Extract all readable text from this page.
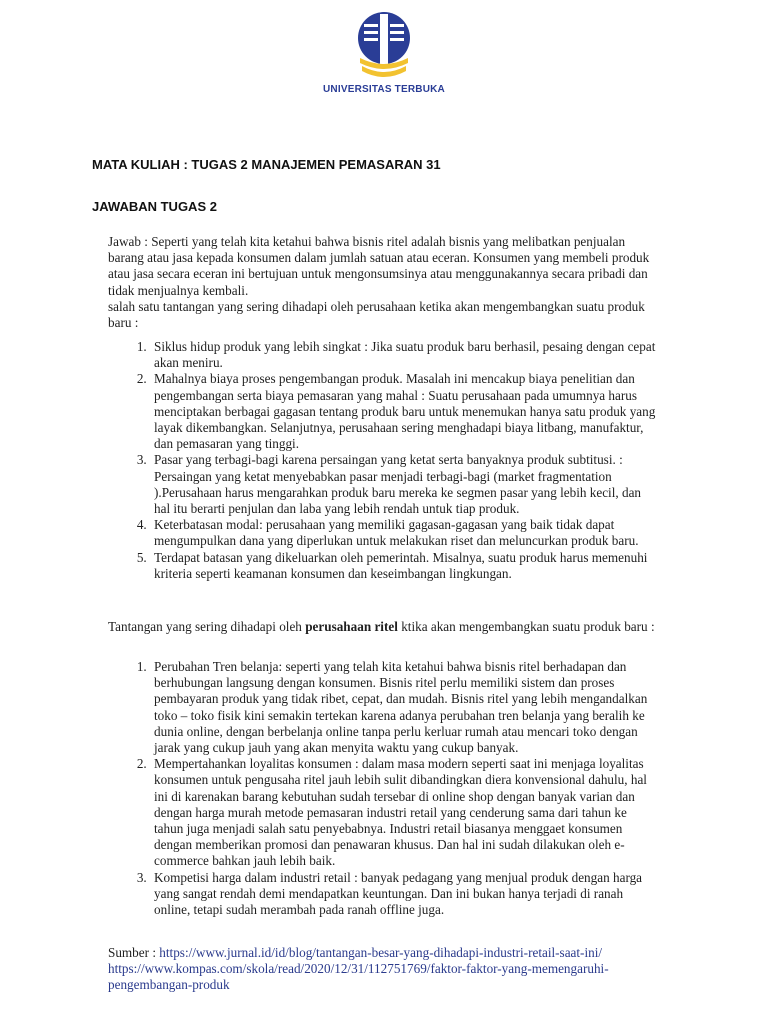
UNIVERSITAS TERBUKA
MATA KULIAH : TUGAS 2 MANAJEMEN PEMASARAN 31
JAWABAN TUGAS 2

Jawab : Seperti yang telah kita ketahui bahwa bisnis ritel adalah bisnis yang melibatkan penjualan barang atau jasa kepada konsumen dalam jumlah satuan atau eceran. Konsumen yang membeli produk atau jasa secara eceran ini bertujuan untuk mengonsumsinya atau menggunakannya secara pribadi dan tidak menjualnya kembali.

salah satu tantangan yang sering dihadapi oleh perusahaan ketika akan mengembangkan suatu produk baru :

1. Siklus hidup produk yang lebih singkat : Jika suatu produk baru berhasil, pesaing dengan cepat akan meniru.
2. Mahalnya biaya proses pengembangan produk. Masalah ini mencakup biaya penelitian dan pengembangan serta biaya pemasaran yang mahal : Suatu perusahaan pada umumnya harus menciptakan berbagai gagasan tentang produk baru untuk menemukan hanya satu produk yang layak dikembangkan. Selanjutnya, perusahaan sering menghadapi biaya litbang, manufaktur, dan pemasaran yang tinggi.
3. Pasar yang terbagi-bagi karena persaingan yang ketat serta banyaknya produk subtitusi. : Persaingan yang ketat menyebabkan pasar menjadi terbagi-bagi (market fragmentation ).Perusahaan harus mengarahkan produk baru mereka ke segmen pasar yang lebih kecil, dan hal itu berarti penjulan dan laba yang lebih rendah untuk tiap produk.
4. Keterbatasan modal: perusahaan yang memiliki gagasan-gagasan yang baik tidak dapat mengumpulkan dana yang diperlukan untuk melakukan riset dan meluncurkan produk baru.
5. Terdapat batasan yang dikeluarkan oleh pemerintah. Misalnya, suatu produk harus memenuhi kriteria seperti keamanan konsumen dan keseimbangan lingkungan.

Tantangan yang sering dihadapi oleh perusahaan ritel ktika akan mengembangkan suatu produk baru :

1. Perubahan Tren belanja: seperti yang telah kita ketahui bahwa bisnis ritel berhadapan dan berhubungan langsung dengan konsumen. Bisnis ritel perlu memiliki sistem dan proses pembayaran produk yang tidak ribet, cepat, dan mudah. Bisnis ritel yang lebih mengandalkan toko – toko fisik kini semakin tertekan karena adanya perubahan tren belanja yang beralih ke dunia online, dengan berbelanja online tanpa perlu kerluar rumah atau mencari toko dengan jarak yang cukup jauh yang akan menyita waktu yang cukup banyak.
2. Mempertahankan loyalitas konsumen : dalam masa modern seperti saat ini menjaga loyalitas konsumen untuk pengusaha ritel jauh lebih sulit dibandingkan diera konvensional dahulu, hal ini di karenakan barang kebutuhan sudah tersebar di online shop dengan banyak varian dan dengan harga murah metode pemasaran industri retail yang cenderung sama dari tahun ke tahun juga menjadi salah satu penyebabnya. Industri retail biasanya menggaet konsumen dengan memberikan promosi dan penawaran khusus. Dan hal ini sudah dilakukan oleh e-commerce bahkan jauh lebih baik.
3. Kompetisi harga dalam industri retail : banyak pedagang yang menjual produk dengan harga yang sangat rendah demi mendapatkan keuntungan. Dan ini bukan hanya terjadi di ranah online, tetapi sudah merambah pada ranah offline juga.

Sumber : https://www.jurnal.id/id/blog/tantangan-besar-yang-dihadapi-industri-retail-saat-ini/ https://www.kompas.com/skola/read/2020/12/31/112751769/faktor-faktor-yang-memengaruhi-pengembangan-produk
